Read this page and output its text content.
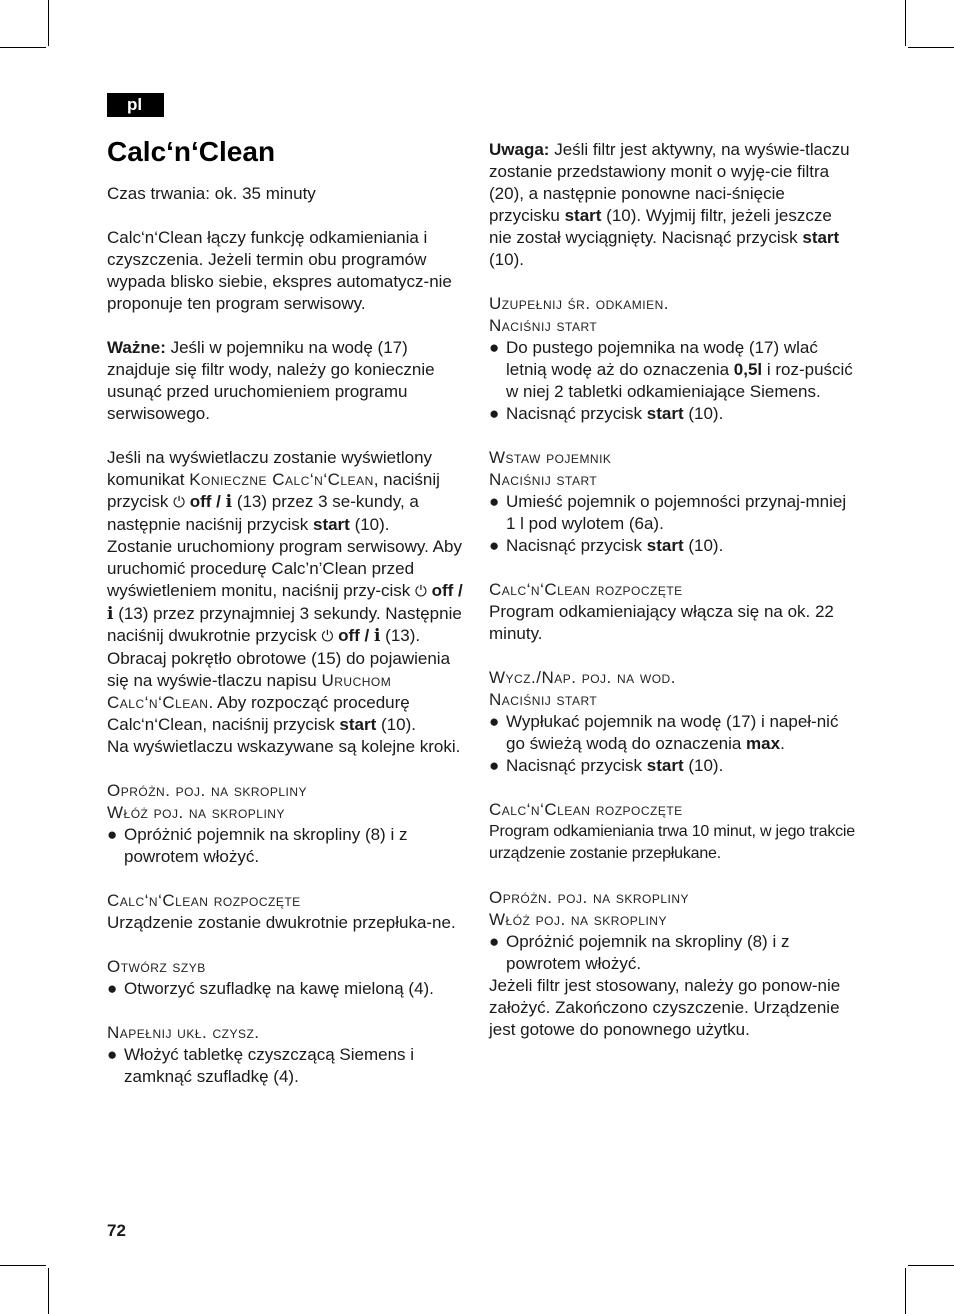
pl
Calc‘n‘Clean

Czas trwania: ok. 35 minuty

Calc‘n‘Clean łączy funkcję odkamieniania i czyszczenia. Jeżeli termin obu programów wypada blisko siebie, ekspres automatycz-nie proponuje ten program serwisowy.

Ważne: Jeśli w pojemniku na wodę (17) znajduje się filtr wody, należy go koniecznie usunąć przed uruchomieniem programu serwisowego.

Jeśli na wyświetlaczu zostanie wyświetlony komunikat Konieczne Calc‘n‘Clean, naciśnij przycisk ⏻ off / i (13) przez 3 se-kundy, a następnie naciśnij przycisk start (10).

Zostanie uruchomiony program serwisowy. Aby uruchomić procedurę Calc’n’Clean przed wyświetleniem monitu, naciśnij przy-cisk ⏻ off / i (13) przez przynajmniej 3 sekundy. Następnie naciśnij dwukrotnie przycisk ⏻ off / i (13). Obracaj pokrętło obrotowe (15) do pojawienia się na wyświe-tlaczu napisu Uruchom Calc‘n‘Clean. Aby rozpocząć procedurę Calc‘n‘Clean, naciśnij przycisk start (10).

Na wyświetlaczu wskazywane są kolejne kroki.

Opróżn. poj. na skropliny
Włóż poj. na skropliny
● Opróżnić pojemnik na skropliny (8) i z powrotem włożyć.
Calc‘n‘Clean rozpoczęte

Urządzenie zostanie dwukrotnie przepłuka-ne.

Otwórz szyb
● Otworzyć szufladkę na kawę mieloną (4).
Napełnij ukł. czysz.
● Włożyć tabletkę czyszczącą Siemens i zamknąć szufladkę (4).

Uwaga: Jeśli filtr jest aktywny, na wyświe-tlaczu zostanie przedstawiony monit o wyję-cie filtra (20), a następnie ponowne naci-śnięcie przycisku start (10). Wyjmij filtr, jeżeli jeszcze nie został wyciągnięty. Nacisnąć przycisk start (10).

Uzupełnij śr. odkamien.
Naciśnij start
● Do pustego pojemnika na wodę (17) wlać letnią wodę aż do oznaczenia 0,5l i roz-puścić w niej 2 tabletki odkamieniające Siemens.
● Nacisnąć przycisk start (10).
Wstaw pojemnik
Naciśnij start
● Umieść pojemnik o pojemności przynaj-mniej 1 l pod wylotem (6a).
● Nacisnąć przycisk start (10).
Calc‘n‘Clean rozpoczęte

Program odkamieniający włącza się na ok. 22 minuty.

Wycz./Nap. poj. na wod.
Naciśnij start
● Wypłukać pojemnik na wodę (17) i napeł-nić go świeżą wodą do oznaczenia max.
● Nacisnąć przycisk start (10).
Calc‘n‘Clean rozpoczęte

Program odkamieniania trwa 10 minut, w jego trakcie urządzenie zostanie przepłukane.

Opróżn. poj. na skropliny
Włóż poj. na skropliny
● Opróżnić pojemnik na skropliny (8) i z powrotem włożyć.

Jeżeli filtr jest stosowany, należy go ponow-nie założyć. Zakończono czyszczenie. Urządzenie jest gotowe do ponownego użytku.

72
